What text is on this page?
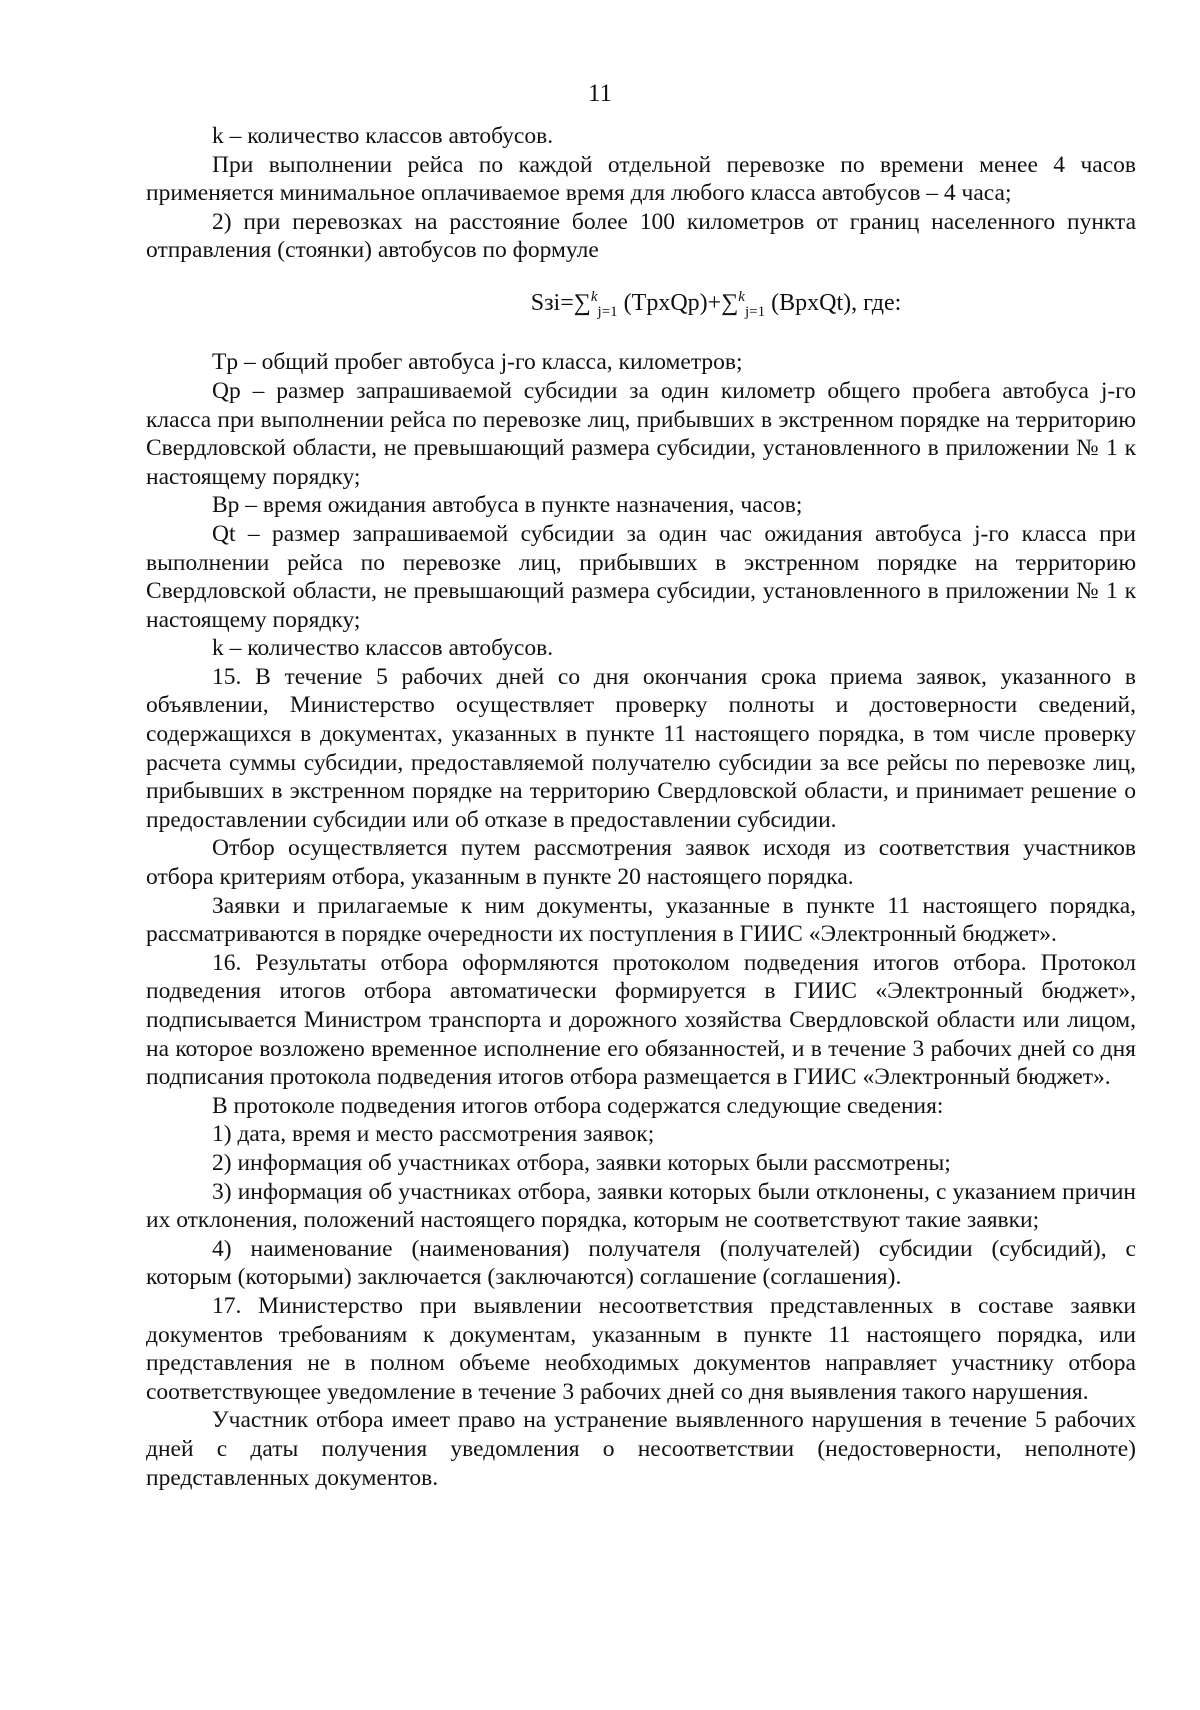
11

k – количество классов автобусов.

При выполнении рейса по каждой отдельной перевозке по времени менее 4 часов применяется минимальное оплачиваемое время для любого класса автобусов – 4 часа;

2) при перевозках на расстояние более 100 километров от границ населенного пункта отправления (стоянки) автобусов по формуле

Sзi=∑$^k_{j=1}$ (TpxQp)+∑$^k_{j=1}$ (BpxQt), где:

Tp – общий пробег автобуса j-го класса, километров;

Qp – размер запрашиваемой субсидии за один километр общего пробега автобуса j-го класса при выполнении рейса по перевозке лиц, прибывших в экстренном порядке на территорию Свердловской области, не превышающий размера субсидии, установленного в приложении № 1 к настоящему порядку;

Bp – время ожидания автобуса в пункте назначения, часов;

Qt – размер запрашиваемой субсидии за один час ожидания автобуса j-го класса при выполнении рейса по перевозке лиц, прибывших в экстренном порядке на территорию Свердловской области, не превышающий размера субсидии, установленного в приложении № 1 к настоящему порядку;

k – количество классов автобусов.

15. В течение 5 рабочих дней со дня окончания срока приема заявок, указанного в объявлении, Министерство осуществляет проверку полноты и достоверности сведений, содержащихся в документах, указанных в пункте 11 настоящего порядка, в том числе проверку расчета суммы субсидии, предоставляемой получателю субсидии за все рейсы по перевозке лиц, прибывших в экстренном порядке на территорию Свердловской области, и принимает решение о предоставлении субсидии или об отказе в предоставлении субсидии.

Отбор осуществляется путем рассмотрения заявок исходя из соответствия участников отбора критериям отбора, указанным в пункте 20 настоящего порядка.

Заявки и прилагаемые к ним документы, указанные в пункте 11 настоящего порядка, рассматриваются в порядке очередности их поступления в ГИИС «Электронный бюджет».

16. Результаты отбора оформляются протоколом подведения итогов отбора. Протокол подведения итогов отбора автоматически формируется в ГИИС «Электронный бюджет», подписывается Министром транспорта и дорожного хозяйства Свердловской области или лицом, на которое возложено временное исполнение его обязанностей, и в течение 3 рабочих дней со дня подписания протокола подведения итогов отбора размещается в ГИИС «Электронный бюджет».

В протоколе подведения итогов отбора содержатся следующие сведения:

1) дата, время и место рассмотрения заявок;

2) информация об участниках отбора, заявки которых были рассмотрены;

3) информация об участниках отбора, заявки которых были отклонены, с указанием причин их отклонения, положений настоящего порядка, которым не соответствуют такие заявки;

4) наименование (наименования) получателя (получателей) субсидии (субсидий), с которым (которыми) заключается (заключаются) соглашение (соглашения).

17. Министерство при выявлении несоответствия представленных в составе заявки документов требованиям к документам, указанным в пункте 11 настоящего порядка, или представления не в полном объеме необходимых документов направляет участнику отбора соответствующее уведомление в течение 3 рабочих дней со дня выявления такого нарушения.

Участник отбора имеет право на устранение выявленного нарушения в течение 5 рабочих дней с даты получения уведомления о несоответствии (недостоверности, неполноте) представленных документов.
